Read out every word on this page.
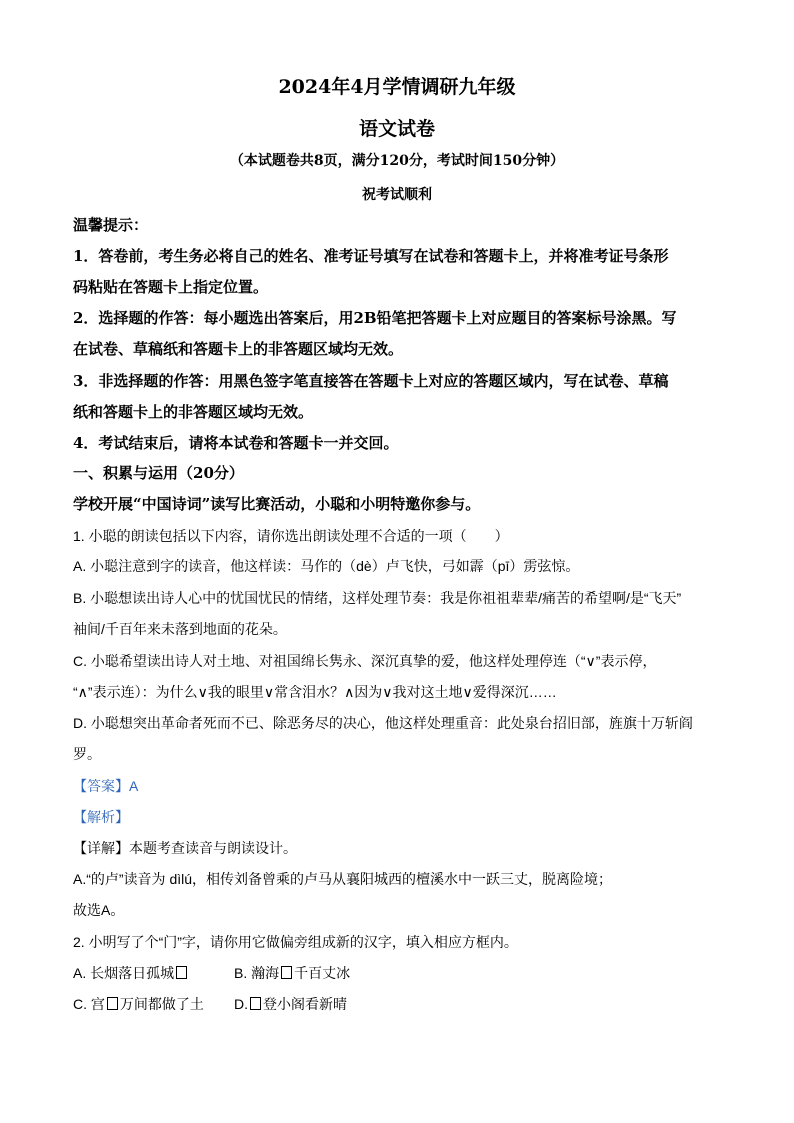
2024年4月学情调研九年级
语文试卷
（本试题卷共8页，满分120分，考试时间150分钟）
祝考试顺利
温馨提示：
1．答卷前，考生务必将自己的姓名、准考证号填写在试卷和答题卡上，并将准考证号条形
码粘贴在答题卡上指定位置。
2．选择题的作答：每小题选出答案后，用2B铅笔把答题卡上对应题目的答案标号涂黑。写
在试卷、草稿纸和答题卡上的非答题区域均无效。
3．非选择题的作答：用黑色签字笔直接答在答题卡上对应的答题区域内，写在试卷、草稿
纸和答题卡上的非答题区域均无效。
4．考试结束后，请将本试卷和答题卡一并交回。
一、积累与运用（20分）
学校开展“中国诗词”读写比赛活动，小聪和小明特邀你参与。
1. 小聪的朗读包括以下内容，请你选出朗读处理不合适的一项（　　）
A. 小聪注意到字的读音，他这样读：马作的（dè）卢飞快，弓如霹（pī）雳弦惊。
B. 小聪想读出诗人心中的忧国忧民的情绪，这样处理节奏：我是你祖祖辈辈/痛苦的希望啊/是“飞天”
袖间/千百年来未落到地面的花朵。
C. 小聪希望读出诗人对土地、对祖国绵长隽永、深沉真挚的爱，他这样处理停连（“∨”表示停，
“∧”表示连）：为什么∨我的眼里∨常含泪水？∧因为∨我对这土地∨爱得深沉……
D. 小聪想突出革命者死而不已、除恶务尽的决心，他这样处理重音：此处泉台招旧部，旌旗十万斩阎
罗。
【答案】A
【解析】
【详解】本题考查读音与朗读设计。
A.“的卢”读音为 dìlú，相传刘备曾乘的卢马从襄阳城西的檀溪水中一跃三丈，脱离险境；
故选A。
2. 小明写了个“门”字，请你用它做偏旁组成新的汉字，填入相应方框内。
A. 长烟落日孤城	B. 瀚海 千百丈冰
C. 宫 万间都做了土 D. 登小阁看新晴
